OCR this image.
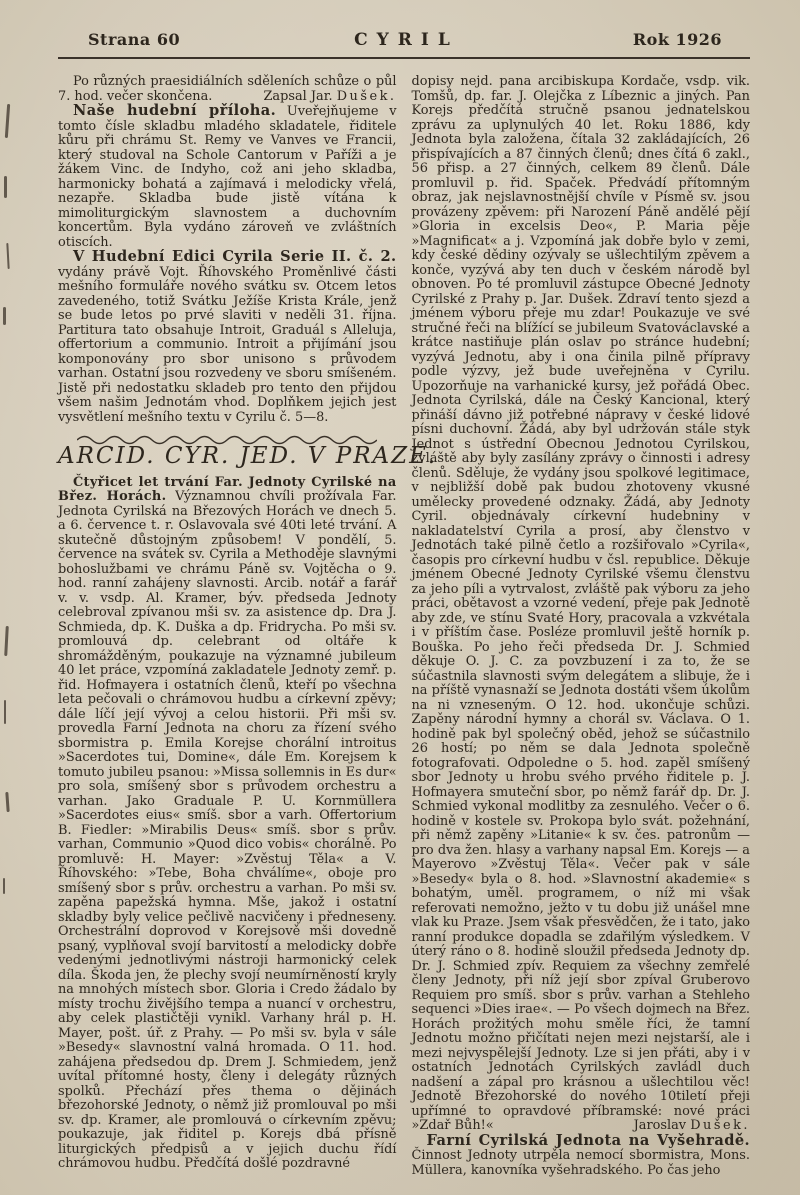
Strana 60	CYRIL	Rok 1926

Po různých praesidiálních sděleních schůze o půl 7. hod. večer skončena.	Zapsal Jar. Dušek.

Naše hudební příloha. Uveřejňujeme v tomto čísle skladbu mladého skladatele, řiditele kůru při chrámu St. Remy ve Vanves ve Francii, který studoval na Schole Cantorum v Paříži a je žákem Vinc. de Indyho, což ani jeho skladba, harmonicky bohatá a zajímavá i melodicky vřelá, nezapře. Skladba bude jistě vítána k mimoliturgickým slavnostem a duchovním koncertům. Byla vydáno zároveň ve zvláštních otiscích.

V Hudební Edici Cyrila Serie II. č. 2. vydány právě Vojt. Říhovského Proměnlivé části mešního formuláře nového svátku sv. Otcem letos zavedeného, totiž Svátku Ježíše Krista Krále, jenž se bude letos po prvé slaviti v neděli 31. října. Partitura tato obsahuje Introit, Graduál s Alleluja, offertorium a communio. Introit a přijímání jsou komponovány pro sbor unisono s průvodem varhan. Ostatní jsou rozvedeny ve sboru smíšeném. Jistě při nedostatku skladeb pro tento den přijdou všem našim Jednotám vhod. Doplňkem jejich jest vysvětlení mešního textu v Cyrilu č. 5—8.

ARCID. CYR. JED. V PRAZE.

Čtyřicet let trvání Far. Jednoty Cyrilské na Břez. Horách. Významnou chvíli prožívala Far. Jednota Cyrilská na Březových Horách ve dnech 5. a 6. července t. r. Oslavovala své 40ti leté trvání. A skutečně důstojným způsobem! V pondělí, 5. července na svátek sv. Cyrila a Methoděje slavnými bohoslužbami ve chrámu Páně sv. Vojtěcha o 9. hod. ranní zahájeny slavnosti. Arcib. notář a farář v. v. vsdp. Al. Kramer, býv. předseda Jednoty celebroval zpívanou mši sv. za asistence dp. Dra J. Schmieda, dp. K. Duška a dp. Fridrycha. Po mši sv. promlouvá dp. celebrant od oltáře k shromážděným, poukazuje na významné jubileum 40 let práce, vzpomíná zakladatele Jednoty zemř. p. řid. Hofmayera i ostatních členů, kteří po všechna leta pečovali o chrámovou hudbu a církevní zpěvy; dále líčí její vývoj a celou historii. Při mši sv. provedla Farní Jednota na choru za řízení svého sbormistra p. Emila Korejse chorální introitus »Sacerdotes tui, Domine«, dále Em. Korejsem k tomuto jubileu psanou: »Missa sollemnis in Es dur« pro sola, smíšený sbor s průvodem orchestru a varhan. Jako Graduale P. U. Kornmüllera »Sacerdotes eius« smíš. sbor a varh. Offertorium B. Fiedler: »Mirabilis Deus« smíš. sbor s prův. varhan, Communio »Quod dico vobis« chorálně. Po promluvě: H. Mayer: »Zvěstuj Těla« a V. Říhovského: »Tebe, Boha chválíme«, oboje pro smíšený sbor s prův. orchestru a varhan. Po mši sv. zapěna papežská hymna. Mše, jakož i ostatní skladby byly velice pečlivě nacvičeny i předneseny. Orchestrální doprovod v Korejsově mši dovedně psaný, vyplňoval svojí barvitostí a melodicky dobře vedenými jednotlivými nástroji harmonický celek díla. Škoda jen, že plechy svojí neumírněností kryly na mnohých místech sbor. Gloria i Credo žádalo by místy trochu živějšího tempa a nuancí v orchestru, aby celek plastičtěji vynikl. Varhany hrál p. H. Mayer, pošt. úř. z Prahy. — Po mši sv. byla v sále »Besedy« slavnostní valná hromada. O 11. hod. zahájena předsedou dp. Drem J. Schmiedem, jenž uvítal přítomné hosty, členy i delegáty různých spolků. Přechází přes thema o dějinách březohorské Jednoty, o němž již promlouval po mši sv. dp. Kramer, ale promlouvá o církevním zpěvu; poukazuje, jak řiditel p. Korejs dbá přísně liturgických předpisů a v jejich duchu řídí chrámovou hudbu. Předčítá došlé pozdravné

dopisy nejd. pana arcibiskupa Kordače, vsdp. vik. Tomšů, dp. far. J. Olejčka z Líbeznic a jiných. Pan Korejs předčítá stručně psanou jednatelskou zprávu za uplynulých 40 let. Roku 1886, kdy Jednota byla založena, čítala 32 zakládajících, 26 přispívajících a 87 činných členů; dnes čítá 6 zakl., 56 přisp. a 27 činných, celkem 89 členů. Dále promluvil p. řid. Spaček. Předvádí přítomným obraz, jak nejslavnostnější chvíle v Písmě sv. jsou provázeny zpěvem: při Narození Páně andělé pějí »Gloria in excelsis Deo«, P. Maria pěje »Magnificat« a j. Vzpomíná jak dobře bylo v zemi, kdy české dědiny ozývaly se ušlechtilým zpěvem a konče, vyzývá aby ten duch v českém národě byl obnoven. Po té promluvil zástupce Obecné Jednoty Cyrilské z Prahy p. Jar. Dušek. Zdraví tento sjezd a jménem výboru přeje mu zdar! Poukazuje ve své stručné řeči na blížící se jubileum Svatováclavské a krátce nastiňuje plán oslav po stránce hudební; vyzývá Jednotu, aby i ona činila pilně přípravy podle výzvy, jež bude uveřejněna v Cyrilu. Upozorňuje na varhanické kursy, jež pořádá Obec. Jednota Cyrilská, dále na Český Kancional, který přináší dávno již potřebné nápravy v české lidové písni duchovní. Žádá, aby byl udržován stále styk Jednot s ústřední Obecnou Jednotou Cyrilskou, zvláště aby byly zasílány zprávy o činnosti i adresy členů. Sděluje, že vydány jsou spolkové legitimace, v nejbližší době pak budou zhotoveny vkusné umělecky provedené odznaky. Žádá, aby Jednoty Cyril. objednávaly církevní hudebniny v nakladatelství Cyrila a prosí, aby členstvo v Jednotách také pilně četlo a rozšiřovalo »Cyrila«, časopis pro církevní hudbu v čsl. republice. Děkuje jménem Obecné Jednoty Cyrilské všemu členstvu za jeho píli a vytrvalost, zvláště pak výboru za jeho práci, obětavost a vzorné vedení, přeje pak Jednotě aby zde, ve stínu Svaté Hory, pracovala a vzkvétala i v příštím čase. Posléze promluvil ještě horník p. Bouška. Po jeho řeči předseda Dr. J. Schmied děkuje O. J. C. za povzbuzení i za to, že se súčastnila slavnosti svým delegátem a slibuje, že i na příště vynasnaží se Jednota dostáti všem úkolům na ni vzneseným. O 12. hod. ukončuje schůzi. Zapěny národní hymny a chorál sv. Václava. O 1. hodině pak byl společný oběd, jehož se súčastnilo 26 hostí; po něm se dala Jednota společně fotografovati. Odpoledne o 5. hod. zapěl smíšený sbor Jednoty u hrobu svého prvého řiditele p. J. Hofmayera smuteční sbor, po němž farář dp. Dr. J. Schmied vykonal modlitby za zesnulého. Večer o 6. hodině v kostele sv. Prokopa bylo svát. požehnání, při němž zapěny »Litanie« k sv. čes. patronům — pro dva žen. hlasy a varhany napsal Em. Korejs — a Mayerovo »Zvěstuj Těla«. Večer pak v sále »Besedy« byla o 8. hod. »Slavnostní akademie« s bohatým, uměl. programem, o níž mi však referovati nemožno, ježto v tu dobu již unášel mne vlak ku Praze. Jsem však přesvědčen, že i tato, jako ranní produkce dopadla se zdařilým výsledkem. V úterý ráno o 8. hodině sloužil předseda Jednoty dp. Dr. J. Schmied zpív. Requiem za všechny zemřelé členy Jednoty, při níž její sbor zpíval Gruberovo Requiem pro smíš. sbor s prův. varhan a Stehleho sequenci »Dies irae«. — Po všech dojmech na Břez. Horách prožitých mohu směle říci, že tamní Jednotu možno přičítati nejen mezi nejstarší, ale i mezi nejvyspělejší Jednoty. Lze si jen přáti, aby i v ostatních Jednotách Cyrilských zavládl duch nadšení a zápal pro krásnou a ušlechtilou věc! Jednotě Březohorské do nového 10tiletí přeji upřímné to opravdové příbramské: nové práci »Zdař Bůh!«	Jaroslav Dušek.

Farní Cyrilská Jednota na Vyšehradě. Činnost Jednoty utrpěla nemocí sbormistra, Mons. Müllera, kanovníka vyšehradského. Po čas jeho
